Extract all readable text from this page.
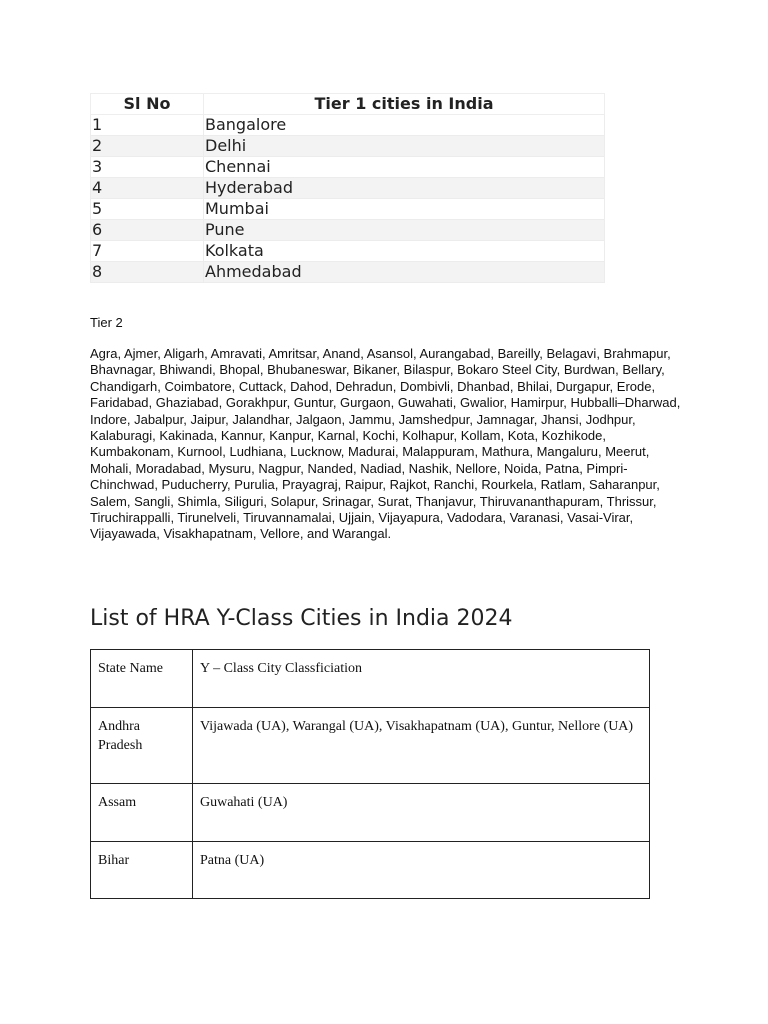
Sl No	Tier 1 cities in India
1	Bangalore
2	Delhi
3	Chennai
4	Hyderabad
5	Mumbai
6	Pune
7	Kolkata
8	Ahmedabad

Tier 2

Agra, Ajmer, Aligarh, Amravati, Amritsar, Anand, Asansol, Aurangabad, Bareilly, Belagavi, Brahmapur, Bhavnagar, Bhiwandi, Bhopal, Bhubaneswar, Bikaner, Bilaspur, Bokaro Steel City, Burdwan, Bellary, Chandigarh, Coimbatore, Cuttack, Dahod, Dehradun, Dombivli, Dhanbad, Bhilai, Durgapur, Erode, Faridabad, Ghaziabad, Gorakhpur, Guntur, Gurgaon, Guwahati, Gwalior, Hamirpur, Hubballi–Dharwad, Indore, Jabalpur, Jaipur, Jalandhar, Jalgaon, Jammu, Jamshedpur, Jamnagar, Jhansi, Jodhpur, Kalaburagi, Kakinada, Kannur, Kanpur, Karnal, Kochi, Kolhapur, Kollam, Kota, Kozhikode, Kumbakonam, Kurnool, Ludhiana, Lucknow, Madurai, Malappuram, Mathura, Mangaluru, Meerut, Mohali, Moradabad, Mysuru, Nagpur, Nanded, Nadiad, Nashik, Nellore, Noida, Patna, Pimpri-Chinchwad, Puducherry, Purulia, Prayagraj, Raipur, Rajkot, Ranchi, Rourkela, Ratlam, Saharanpur, Salem, Sangli, Shimla, Siliguri, Solapur, Srinagar, Surat, Thanjavur, Thiruvananthapuram, Thrissur, Tiruchirappalli, Tirunelveli, Tiruvannamalai, Ujjain, Vijayapura, Vadodara, Varanasi, Vasai-Virar, Vijayawada, Visakhapatnam, Vellore, and Warangal.

List of HRA Y-Class Cities in India 2024
State Name	Y – Class City Classficiation
Andhra Pradesh	Vijawada (UA), Warangal (UA), Visakhapatnam (UA), Guntur, Nellore (UA)
Assam	Guwahati (UA)
Bihar	Patna (UA)
